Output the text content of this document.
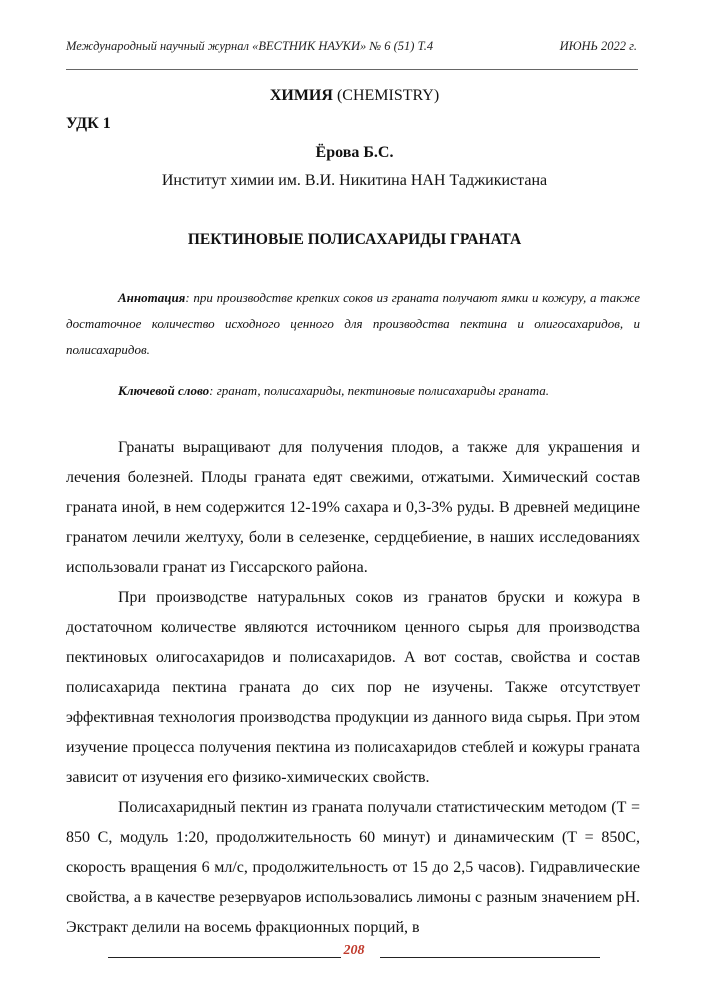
Международный научный журнал «ВЕСТНИК НАУКИ» № 6 (51) Т.4	ИЮНЬ 2022 г.
ХИМИЯ (CHEMISTRY)
УДК 1
Ёрова Б.С.
Институт химии им. В.И. Никитина НАН Таджикистана
ПЕКТИНОВЫЕ ПОЛИСАХАРИДЫ ГРАНАТА
Аннотация: при производстве крепких соков из граната получают ямки и кожуру, а также достаточное количество исходного ценного для производства пектина и олигосахаридов, и полисахаридов.
Ключевой слово: гранат, полисахариды, пектиновые полисахариды граната.

Гранаты выращивают для получения плодов, а также для украшения и лечения болезней. Плоды граната едят свежими, отжатыми. Химический состав граната иной, в нем содержится 12-19% сахара и 0,3-3% руды. В древней медицине гранатом лечили желтуху, боли в селезенке, сердцебиение, в наших исследованиях использовали гранат из Гиссарского района.

При производстве натуральных соков из гранатов бруски и кожура в достаточном количестве являются источником ценного сырья для производства пектиновых олигосахаридов и полисахаридов. А вот состав, свойства и состав полисахарида пектина граната до сих пор не изучены. Также отсутствует эффективная технология производства продукции из данного вида сырья. При этом изучение процесса получения пектина из полисахаридов стеблей и кожуры граната зависит от изучения его физико-химических свойств.

Полисахаридный пектин из граната получали статистическим методом (Т = 850 С, модуль 1:20, продолжительность 60 минут) и динамическим (Т = 850С, скорость вращения 6 мл/с, продолжительность от 15 до 2,5 часов). Гидравлические свойства, а в качестве резервуаров использовались лимоны с разным значением pH. Экстракт делили на восемь фракционных порций, в

208
